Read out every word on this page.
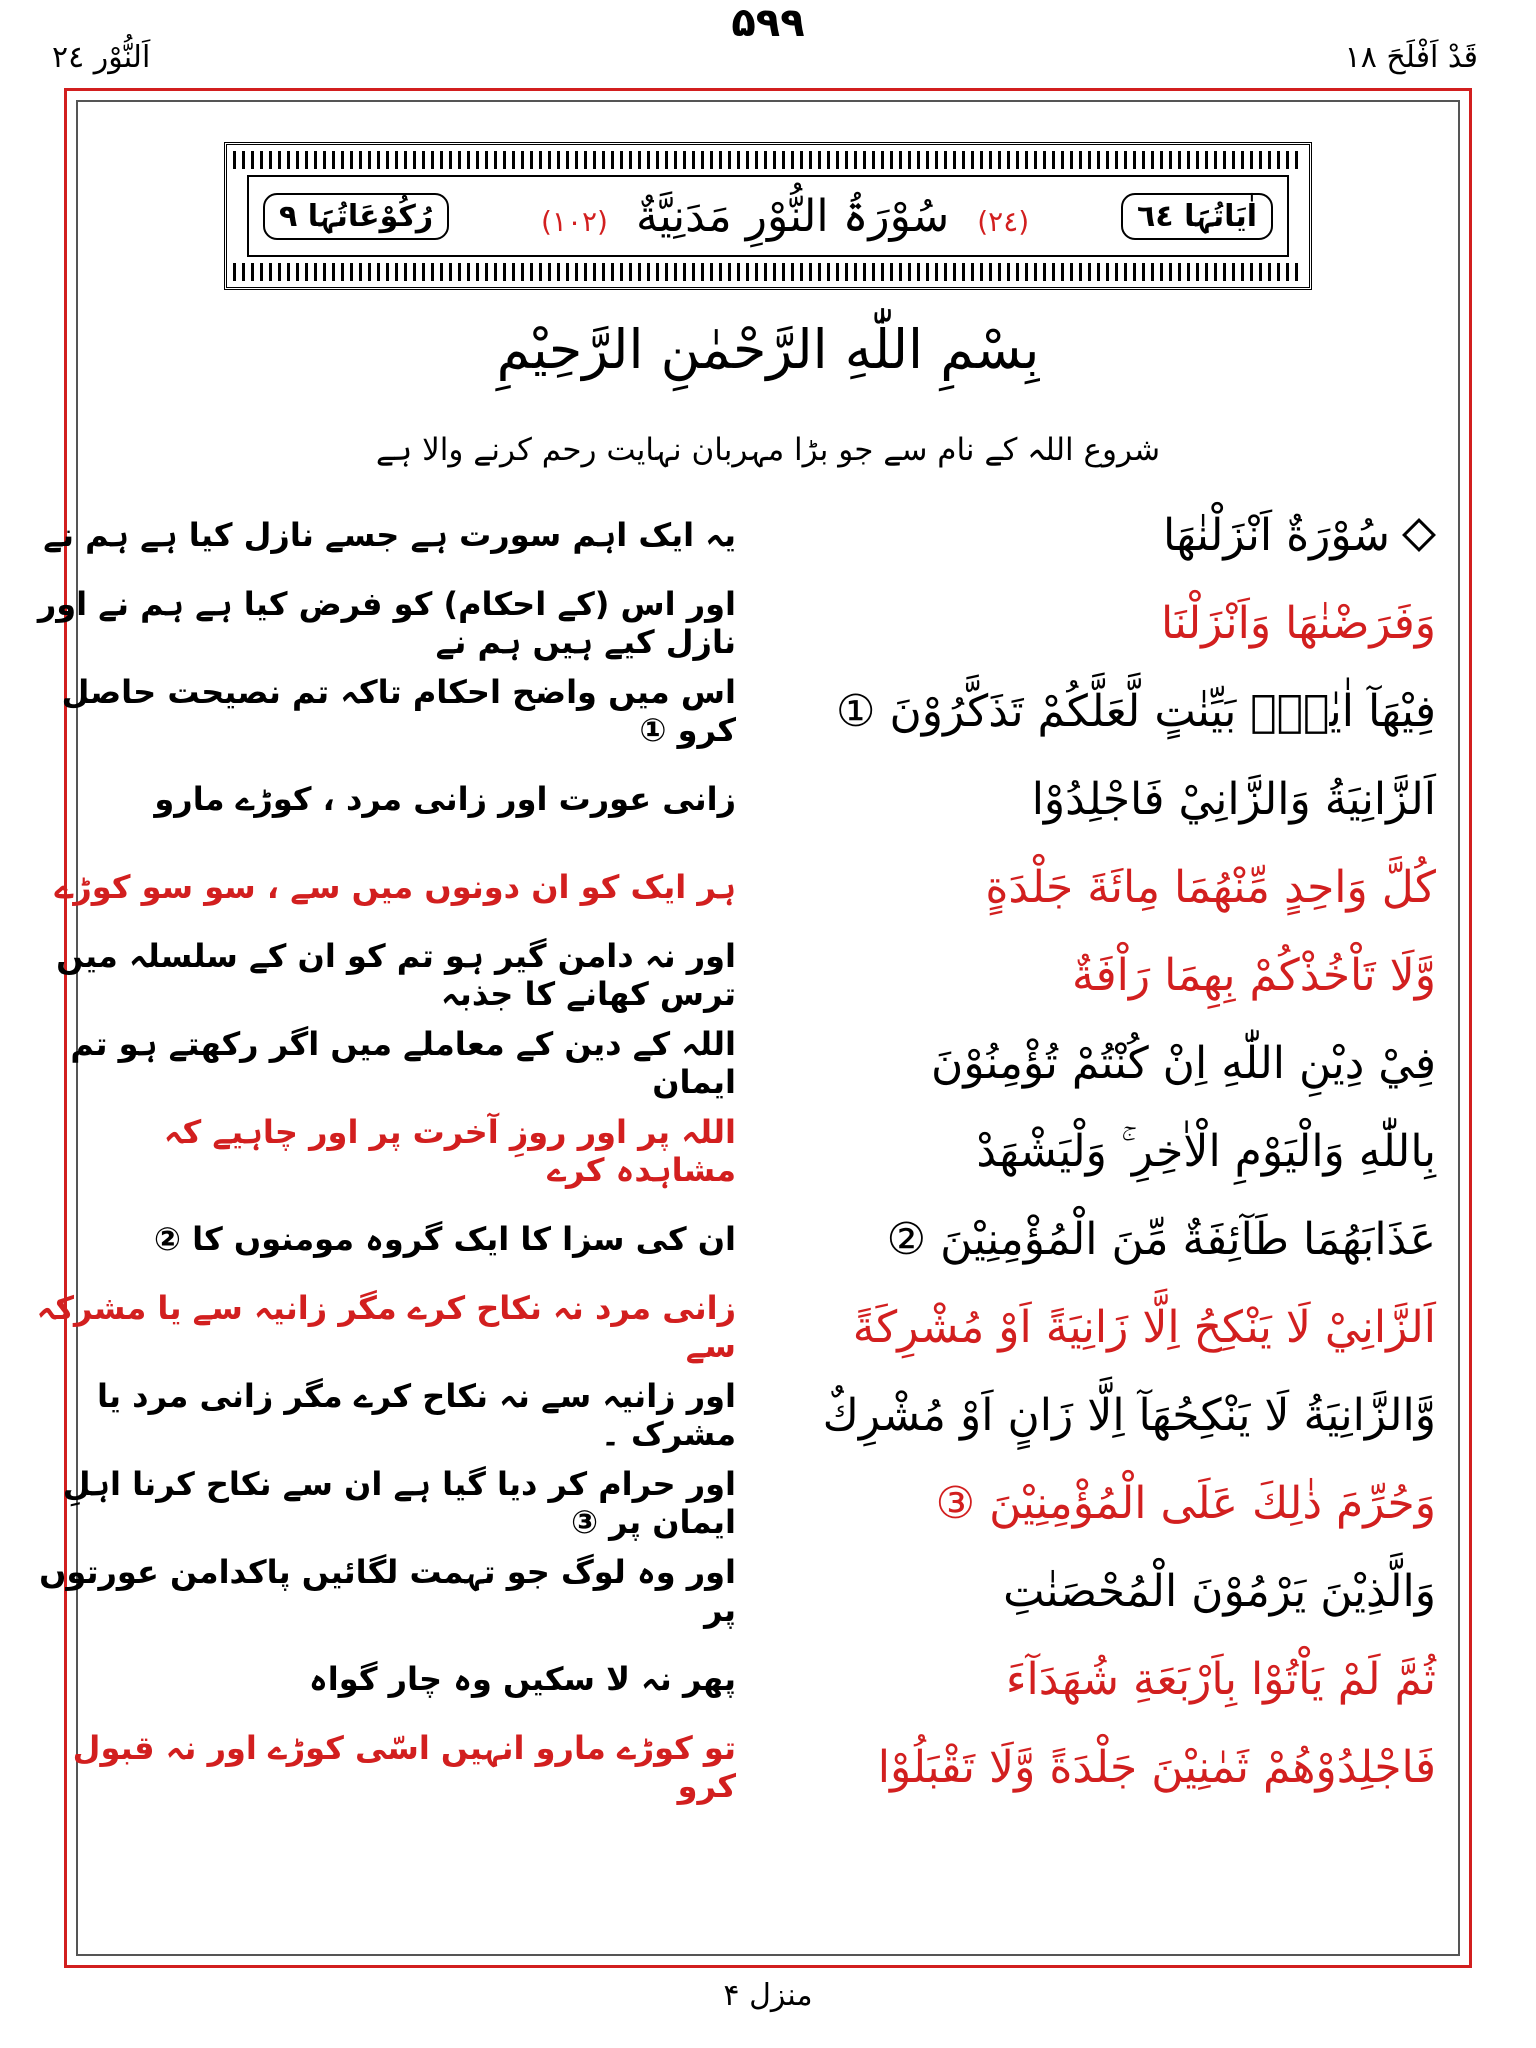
قَدْ اَفْلَحَ ١٨
۵۹۹
اَلنُّوْر ٢٤
اٰیَاتُہَا ٦٤
(٢٤) سُوْرَۃُ النُّوْرِ مَدَنِيَّةٌ (١٠٢)
رُکُوْعَاتُہَا ٩
بِسْمِ اللّٰهِ الرَّحْمٰنِ الرَّحِيْمِ
شروع اللہ کے نام سے جو بڑا مہربان نہایت رحم کرنے والا ہے
سُوْرَةٌ اَنْزَلْنٰهَا
یہ ایک اہم سورت ہے جسے نازل کیا ہے ہم نے
وَفَرَضْنٰهَا وَاَنْزَلْنَا
اور اس (کے احکام) کو فرض کیا ہے ہم نے اور نازل کیے ہیں ہم نے
فِيْهَآ اٰيٰتٍۢ بَيِّنٰتٍ لَّعَلَّكُمْ تَذَكَّرُوْنَ ①
اس میں واضح احکام تاکہ تم نصیحت حاصل کرو ①
اَلزَّانِيَةُ وَالزَّانِيْ فَاجْلِدُوْا
زانی عورت اور زانی مرد ، کوڑے مارو
كُلَّ وَاحِدٍ مِّنْهُمَا مِائَةَ جَلْدَةٍ
ہر ایک کو ان دونوں میں سے ، سو سو کوڑے
وَّلَا تَاْخُذْكُمْ بِهِمَا رَاْفَةٌ
اور نہ دامن گیر ہو تم کو ان کے سلسلہ میں ترس کھانے کا جذبہ
فِيْ دِيْنِ اللّٰهِ اِنْ كُنْتُمْ تُؤْمِنُوْنَ
اللہ کے دین کے معاملے میں اگر رکھتے ہو تم ایمان
بِاللّٰهِ وَالْيَوْمِ الْاٰخِرِ ۚ وَلْيَشْهَدْ
اللہ پر اور روزِ آخرت پر اور چاہیے کہ مشاہدہ کرے
عَذَابَهُمَا طَآئِفَةٌ مِّنَ الْمُؤْمِنِيْنَ ②
ان کی سزا کا ایک گروہ مومنوں کا ②
اَلزَّانِيْ لَا يَنْكِحُ اِلَّا زَانِيَةً اَوْ مُشْرِكَةً
زانی مرد نہ نکاح کرے مگر زانیہ سے یا مشرکہ سے
وَّالزَّانِيَةُ لَا يَنْكِحُهَآ اِلَّا زَانٍ اَوْ مُشْرِكٌ
اور زانیہ سے نہ نکاح کرے مگر زانی مرد یا مشرک ۔
وَحُرِّمَ ذٰلِكَ عَلَى الْمُؤْمِنِيْنَ ③
اور حرام کر دیا گیا ہے ان سے نکاح کرنا اہلِ ایمان پر ③
وَالَّذِيْنَ يَرْمُوْنَ الْمُحْصَنٰتِ
اور وہ لوگ جو تہمت لگائیں پاکدامن عورتوں پر
ثُمَّ لَمْ يَاْتُوْا بِاَرْبَعَةِ شُهَدَآءَ
پھر نہ لا سکیں وہ چار گواہ
فَاجْلِدُوْهُمْ ثَمٰنِيْنَ جَلْدَةً وَّلَا تَقْبَلُوْا
تو کوڑے مارو انہیں اسّی کوڑے اور نہ قبول کرو
منزل ۴
